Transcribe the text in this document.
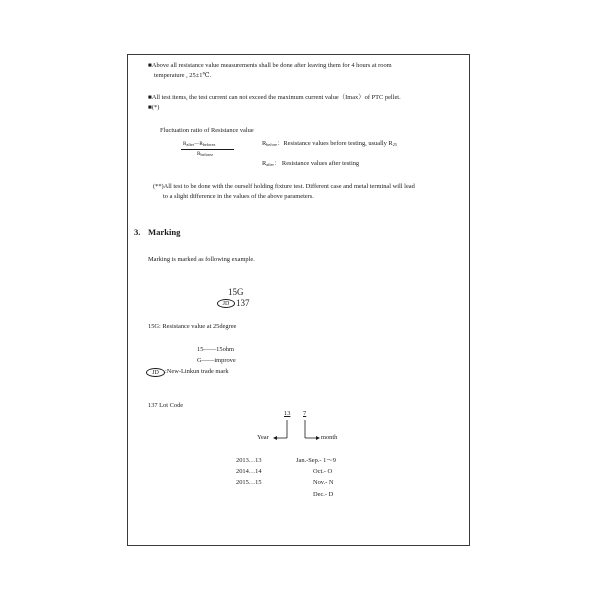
■Above all resistance value measurements shall be done after leaving them for 4 hours at room
temperature , 25±1℃.
■All test items, the test current can not exceed the maximum current value（Imax）of PTC pellet.
■(*)
Fluctuation ratio of Resistance value
$R_{after}—R_{before}^z$
$R_{before}^z$
$R_{before}$：Resistance values before testing, usually $R_{25}$
$R_{after}$： Resistance values after testing
(**)All test to be done with the ourself holding fixture test. Different case and metal terminal will lead
to a slight difference in the values of the above parameters.
3. Marking
Marking is marked as following example.
15G
JD 137
15G: Resistance value at 25degree
15——15ohm
G——improve
JD :New-Linkun trade mark
137 Lot Code
13 7
Year	month
2013…13
2014…14
2015…15
Jan.-Sep.- 1～9
Oct.- O
Nov.- N
Dec.- D
